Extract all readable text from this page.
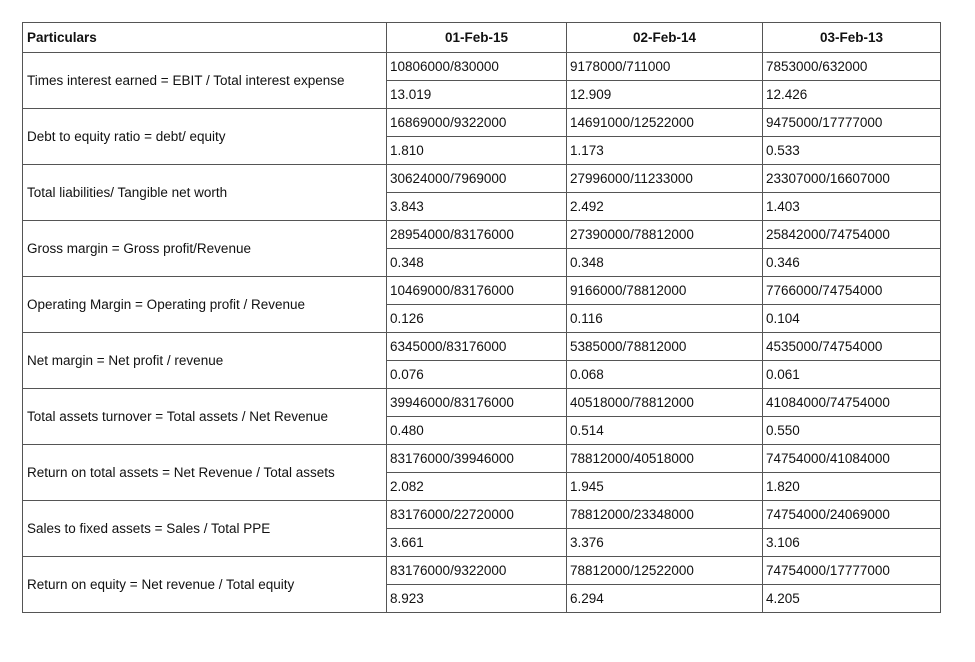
Particulars	01-Feb-15	02-Feb-14	03-Feb-13
Times interest earned = EBIT / Total interest expense	10806000/830000	9178000/711000	7853000/632000
	13.019	12.909	12.426
Debt to equity ratio = debt/ equity	16869000/9322000	14691000/12522000	9475000/17777000
	1.810	1.173	0.533
Total liabilities/ Tangible net worth	30624000/7969000	27996000/11233000	23307000/16607000
	3.843	2.492	1.403
Gross margin = Gross profit/Revenue	28954000/83176000	27390000/78812000	25842000/74754000
	0.348	0.348	0.346
Operating Margin = Operating profit / Revenue	10469000/83176000	9166000/78812000	7766000/74754000
	0.126	0.116	0.104
Net margin = Net profit / revenue	6345000/83176000	5385000/78812000	4535000/74754000
	0.076	0.068	0.061
Total assets turnover = Total assets / Net Revenue	39946000/83176000	40518000/78812000	41084000/74754000
	0.480	0.514	0.550
Return on total assets = Net Revenue / Total assets	83176000/39946000	78812000/40518000	74754000/41084000
	2.082	1.945	1.820
Sales to fixed assets = Sales / Total PPE	83176000/22720000	78812000/23348000	74754000/24069000
	3.661	3.376	3.106
Return on equity = Net revenue / Total equity	83176000/9322000	78812000/12522000	74754000/17777000
	8.923	6.294	4.205
